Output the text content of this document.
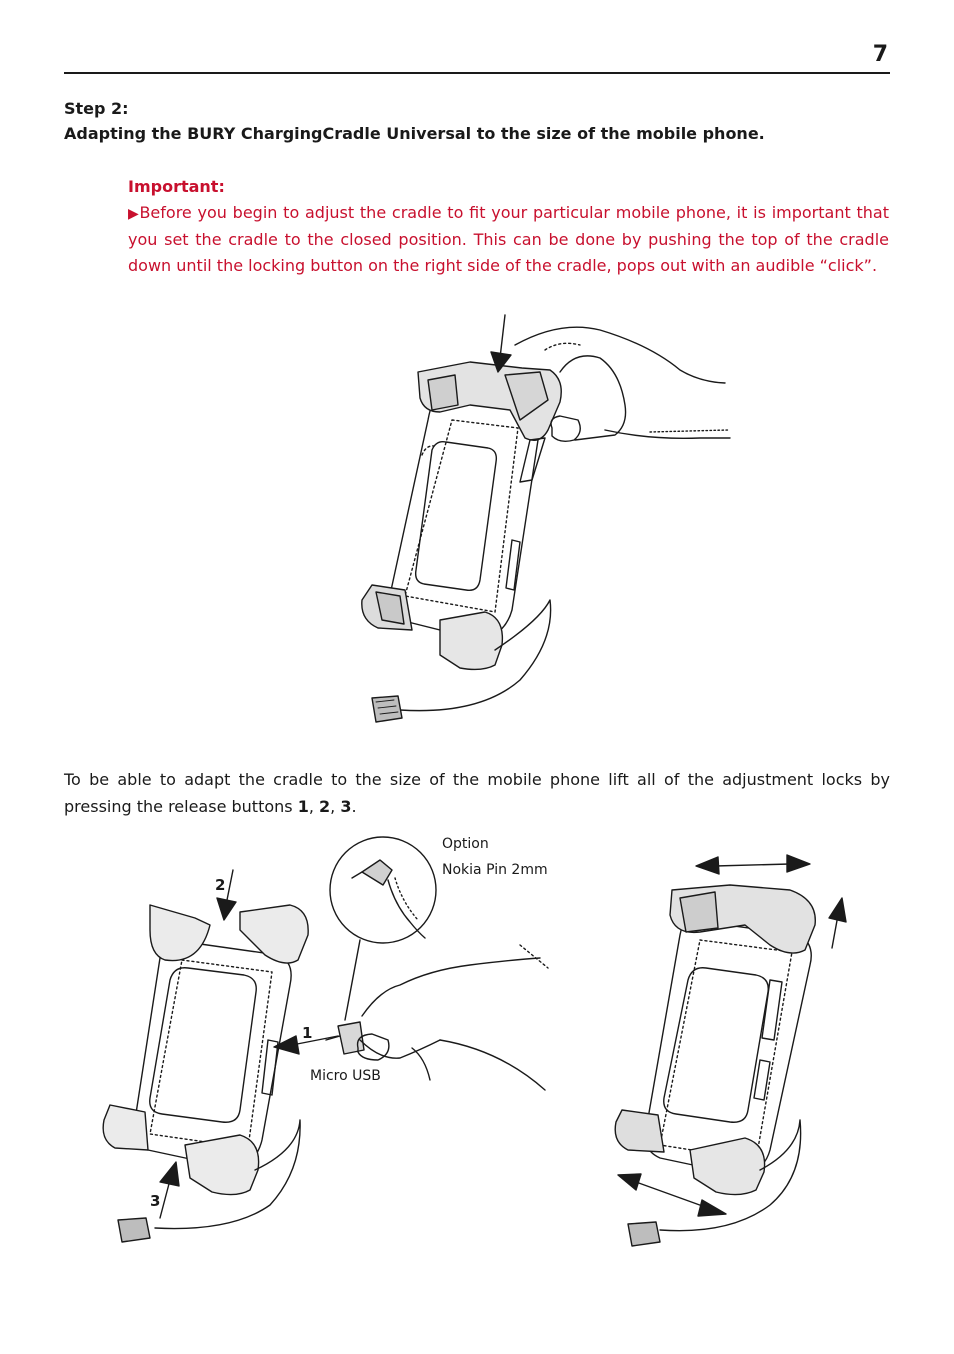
7
Step 2:
Adapting the BURY ChargingCradle Universal to the size of the mobile phone.
Important:

▶Before you begin to adjust the cradle to fit your particular mobile phone, it is important that you set the cradle to the closed position. This can be done by pushing the top of the cradle down until the locking button on the right side of the cradle, pops out with an audible “click”.

To be able to adapt the cradle to the size of the mobile phone lift all of the adjustment locks by pressing the release buttons 1, 2, 3.

Option
Nokia Pin 2mm
Micro USB
1
2
3
